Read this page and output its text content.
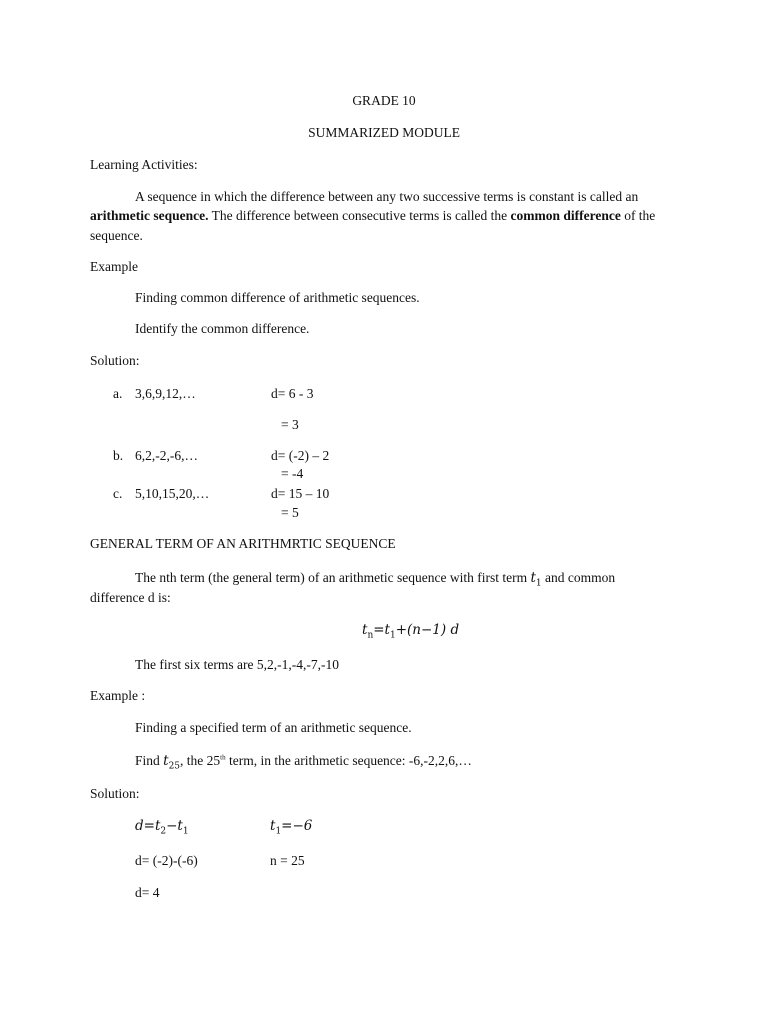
GRADE 10
SUMMARIZED MODULE
Learning Activities:
A sequence in which the difference between any two successive terms is constant is called an
arithmetic sequence. The difference between consecutive terms is called the common difference of the
sequence.
Example
Finding common difference of arithmetic sequences.
Identify the common difference.
Solution:
a. 3,6,9,12,…	d= 6 - 3
= 3
b. 6,2,-2,-6,…	d= (-2) – 2
= -4
c. 5,10,15,20,…	d= 15 – 10
= 5
GENERAL TERM OF AN ARITHMRTIC SEQUENCE
The nth term (the general term) of an arithmetic sequence with first term $t_1$ and common
difference d is:
$t_n=t_1+(n-1)$ d
The first six terms are 5,2,-1,-4,-7,-10
Example :
Finding a specified term of an arithmetic sequence.
Find $t_{25}$, the 25th term, in the arithmetic sequence: -6,-2,2,6,…
Solution:
$d=t_2-t_1$	$t_1=-6$
d= (-2)-(-6)	n = 25
d= 4
